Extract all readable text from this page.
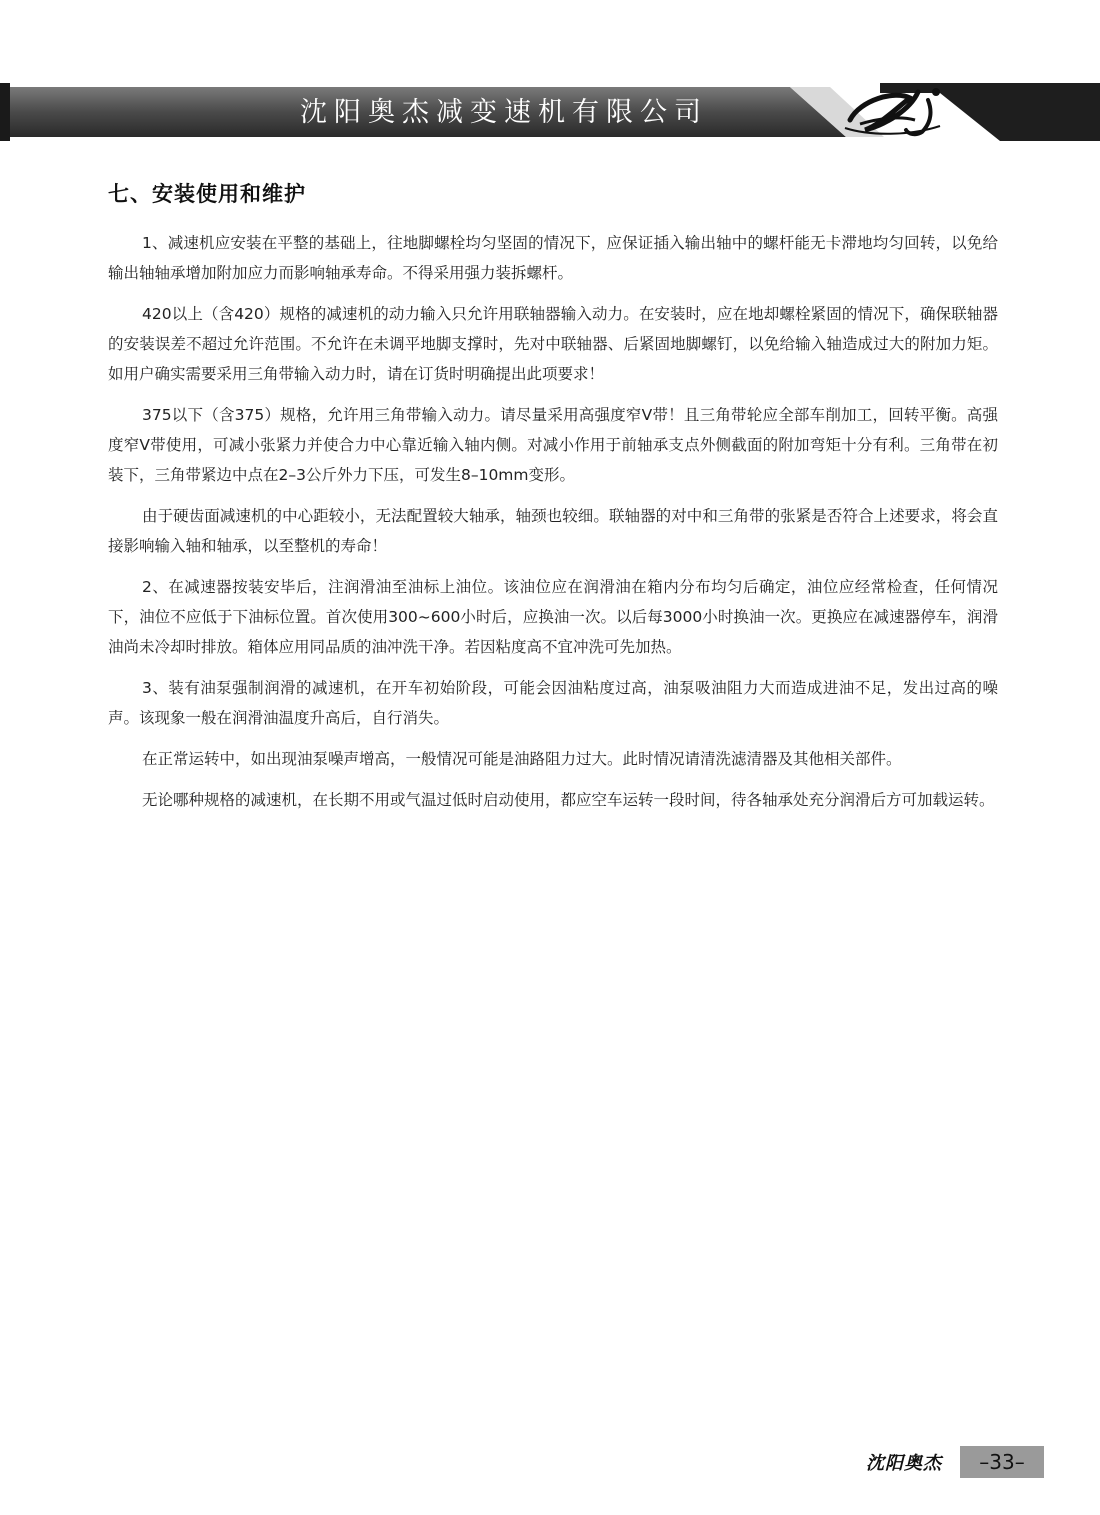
沈阳奥杰减变速机有限公司
七、安装使用和维护

1、减速机应安装在平整的基础上，往地脚螺栓均匀坚固的情况下，应保证插入输出轴中的螺杆能无卡滞地均匀回转，以免给输出轴轴承增加附加应力而影响轴承寿命。不得采用强力装拆螺杆。

420以上（含420）规格的减速机的动力输入只允许用联轴器输入动力。在安装时，应在地却螺栓紧固的情况下，确保联轴器的安装误差不超过允许范围。不允许在未调平地脚支撑时，先对中联轴器、后紧固地脚螺钉，以免给输入轴造成过大的附加力矩。如用户确实需要采用三角带输入动力时，请在订货时明确提出此项要求！

375以下（含375）规格，允许用三角带输入动力。请尽量采用高强度窄V带！且三角带轮应全部车削加工，回转平衡。高强度窄V带使用，可减小张紧力并使合力中心靠近输入轴内侧。对减小作用于前轴承支点外侧截面的附加弯矩十分有利。三角带在初装下，三角带紧边中点在2–3公斤外力下压，可发生8–10mm变形。

由于硬齿面减速机的中心距较小，无法配置较大轴承，轴颈也较细。联轴器的对中和三角带的张紧是否符合上述要求，将会直接影响输入轴和轴承，以至整机的寿命！

2、在减速器按装安毕后，注润滑油至油标上油位。该油位应在润滑油在箱内分布均匀后确定，油位应经常检查，任何情况下，油位不应低于下油标位置。首次使用300~600小时后，应换油一次。以后每3000小时换油一次。更换应在减速器停车，润滑油尚未冷却时排放。箱体应用同品质的油冲洗干净。若因粘度高不宜冲洗可先加热。

3、装有油泵强制润滑的减速机，在开车初始阶段，可能会因油粘度过高，油泵吸油阻力大而造成进油不足，发出过高的噪声。该现象一般在润滑油温度升高后，自行消失。

在正常运转中，如出现油泵噪声增高，一般情况可能是油路阻力过大。此时情况请清洗滤清器及其他相关部件。

无论哪种规格的减速机，在长期不用或气温过低时启动使用，都应空车运转一段时间，待各轴承处充分润滑后方可加载运转。

沈阳奥杰	–33–
